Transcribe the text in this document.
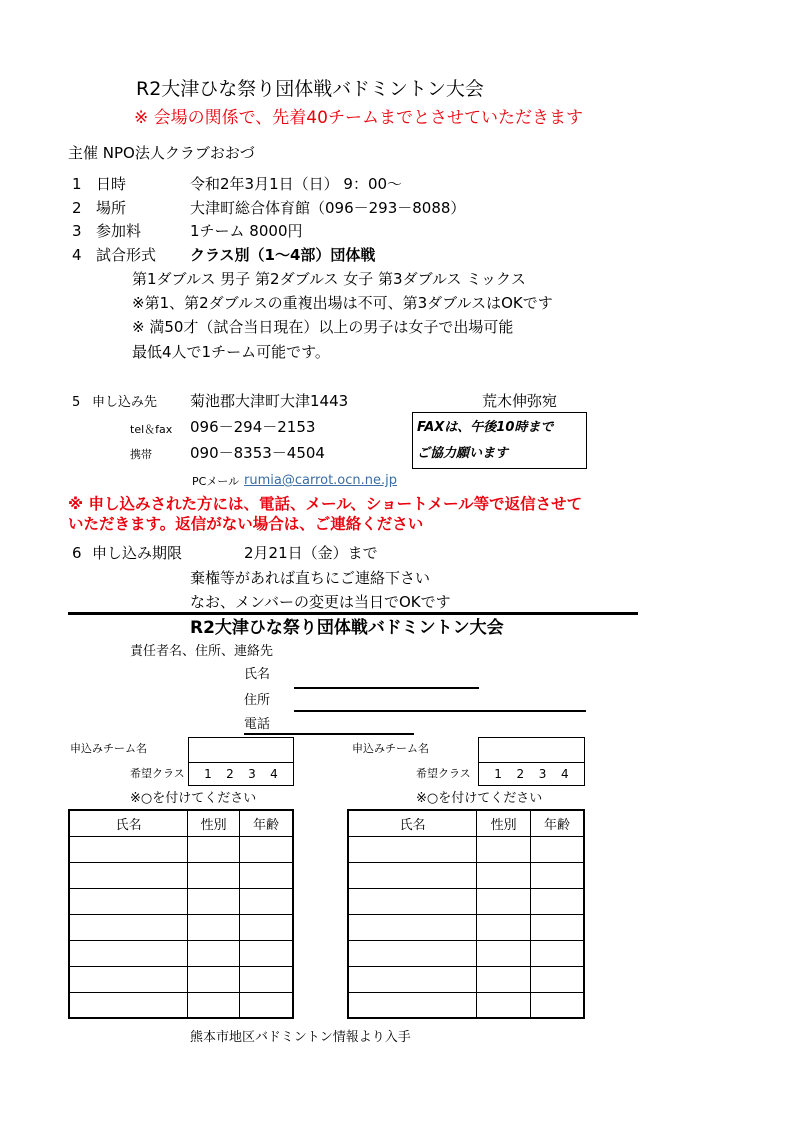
R2大津ひな祭り団体戦バドミントン大会
※ 会場の関係で、先着40チームまでとさせていただきます
主催 NPO法人クラブおおづ
1 日時	令和2年3月1日（日） 9：00～
2 場所	大津町総合体育館（096－293－8088）
3 参加料	1チーム 8000円
4 試合形式 クラス別（1～4部）団体戦
第1ダブルス 男子 第2ダブルス 女子 第3ダブルス ミックス
※第1、第2ダブルスの重複出場は不可、第3ダブルスはOKです
※ 満50才（試合当日現在）以上の男子は女子で出場可能
最低4人で1チーム可能です。
5 申し込み先 菊池郡大津町大津1443	荒木伸弥宛
tel＆fax 096－294－2153
携帯	090－8353－4504
FAXは、午後10時まで
ご協力願います
PCメール rumia@carrot.ocn.ne.jp
※ 申し込みされた方には、電話、メール、ショートメール等で返信させて
いただきます。返信がない場合は、ご連絡ください
6 申し込み期限	2月21日（金）まで
棄権等があれば直ちにご連絡下さい
なお、メンバーの変更は当日でOKです
R2大津ひな祭り団体戦バドミントン大会
責任者名、住所、連絡先
氏名
住所
電話
申込みチーム名
希望クラス 1 2 3 4
※○を付けてください
申込みチーム名
希望クラス 1 2 3 4
※○を付けてください
氏名	性別	年齢

			氏名	性別	年齢

熊本市地区バドミントン情報より入手
